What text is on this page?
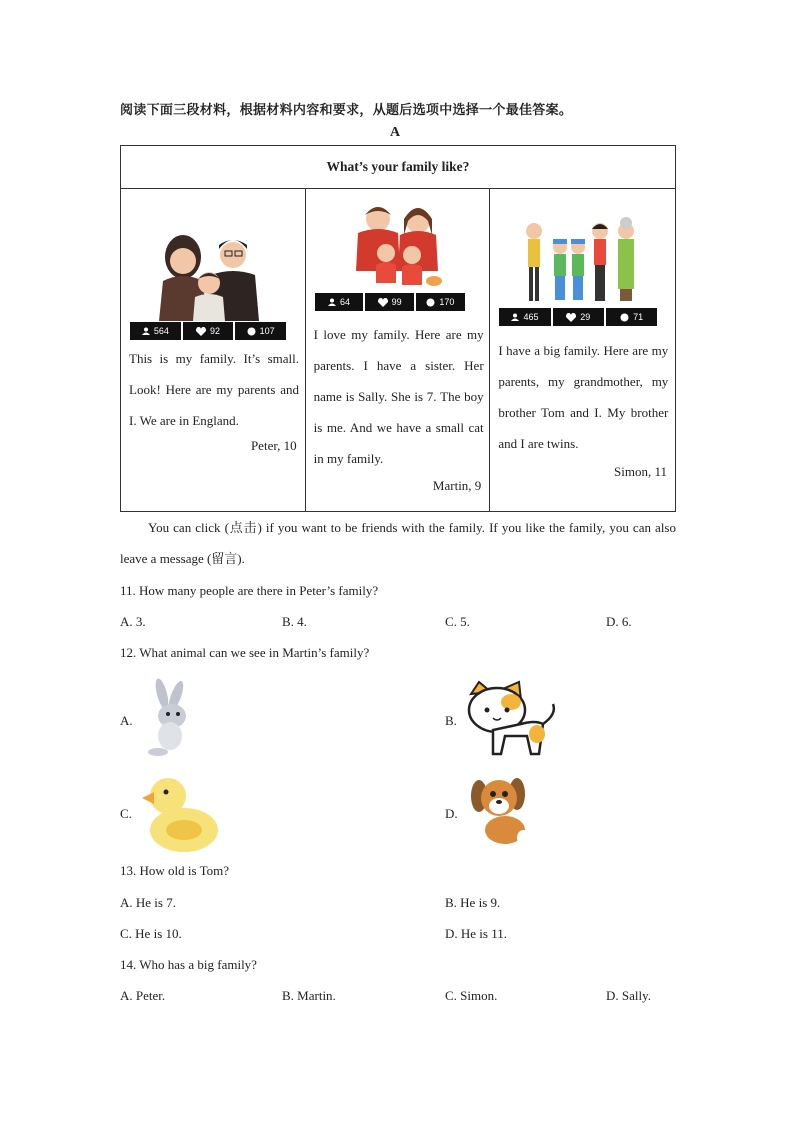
阅读下面三段材料，根据材料内容和要求，从题后选项中选择一个最佳答案。
A
What’s your family like?

564	92	107
This is my family. It’s small. Look! Here are my parents and I. We are in England.
Peter, 10

64	99	170
I love my family. Here are my parents. I have a sister. Her name is Sally. She is 7. The boy is me. And we have a small cat in my family.
Martin, 9

465	29	71
I have a big family. Here are my parents, my grandmother, my brother Tom and I. My brother and I are twins.
Simon, 11
You can click (点击) if you want to be friends with the family. If you like the family, you can also leave a message (留言).
11. How many people are there in Peter’s family?
A. 3.	B. 4.	C. 5.	D. 6.
12. What animal can we see in Martin’s family?
A.	B.
C.	D.
13. How old is Tom?
A. He is 7.	B. He is 9.
C. He is 10.	D. He is 11.
14. Who has a big family?
A. Peter.	B. Martin.	C. Simon.	D. Sally.
